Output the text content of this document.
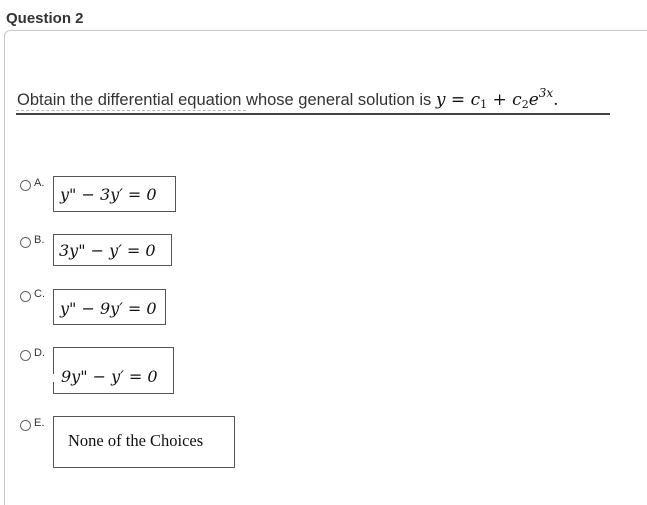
Question 2
Obtain the differential equation whose general solution is $y = c_1 + c_2e^{3x}$.
A.
y" − 3y′ = 0
B.
3y" − y′ = 0
C.
y" − 9y′ = 0
D.
9y" − y′ = 0
E.
None of the Choices
